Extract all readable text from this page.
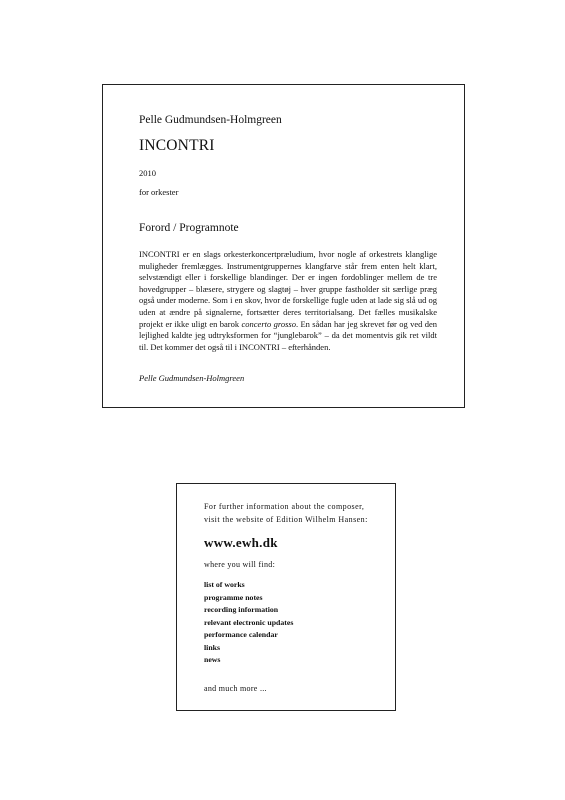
Pelle Gudmundsen-Holmgreen
INCONTRI
2010
for orkester
Forord / Programnote

INCONTRI er en slags orkesterkoncertpræludium, hvor nogle af orkestrets klanglige muligheder fremlægges. Instrumentgruppernes klangfarve står frem enten helt klart, selvstændigt eller i forskellige blandinger. Der er ingen fordoblinger mellem de tre hovedgrupper – blæsere, strygere og slagtøj – hver gruppe fastholder sit særlige præg også under moderne. Som i en skov, hvor de forskellige fugle uden at lade sig slå ud og uden at ændre på signalerne, fortsætter deres territorialsang. Det fælles musikalske projekt er ikke uligt en barok concerto grosso. En sådan har jeg skrevet før og ved den lejlighed kaldte jeg udtryksformen for “junglebarok” – da det momentvis gik ret vildt til. Det kommer det også til i INCONTRI – efterhånden.

Pelle Gudmundsen-Holmgreen
For further information about the composer,
visit the website of Edition Wilhelm Hansen:
www.ewh.dk
where you will find:
list of works
programme notes
recording information
relevant electronic updates
performance calendar
links
news
and much more ...
